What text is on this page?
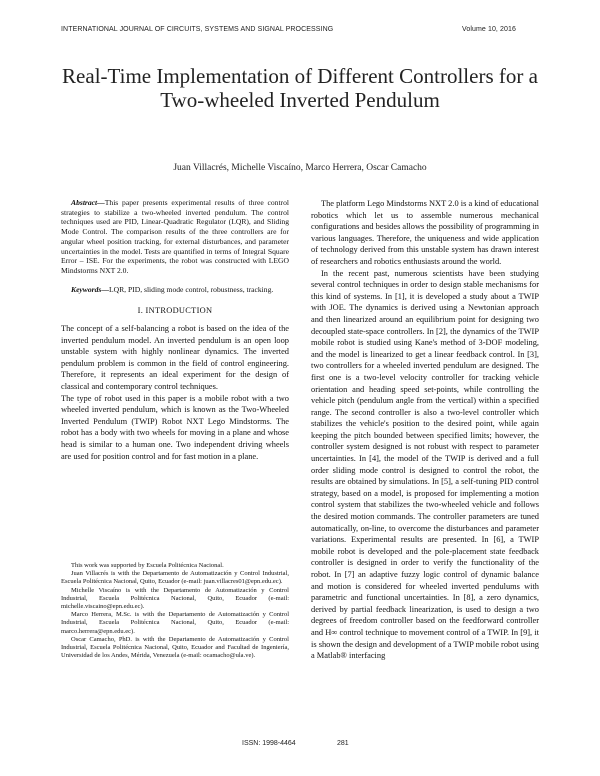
INTERNATIONAL JOURNAL OF CIRCUITS, SYSTEMS AND SIGNAL PROCESSING	Volume 10, 2016
Real-Time Implementation of Different Controllers for a Two-wheeled Inverted Pendulum
Juan Villacrés, Michelle Viscaíno, Marco Herrera, Oscar Camacho

Abstract—This paper presents experimental results of three control strategies to stabilize a two-wheeled inverted pendulum. The control techniques used are PID, Linear-Quadratic Regulator (LQR), and Sliding Mode Control. The comparison results of the three controllers are for angular wheel position tracking, for external disturbances, and parameter uncertainties in the model. Tests are quantified in terms of Integral Square Error – ISE. For the experiments, the robot was constructed with LEGO Mindstorms NXT 2.0.

Keywords—LQR, PID, sliding mode control, robustness, tracking.

I. INTRODUCTION

The concept of a self-balancing a robot is based on the idea of the inverted pendulum model. An inverted pendulum is an open loop unstable system with highly nonlinear dynamics. The inverted pendulum problem is common in the field of control engineering. Therefore, it represents an ideal experiment for the design of classical and contemporary control techniques.

The type of robot used in this paper is a mobile robot with a two wheeled inverted pendulum, which is known as the Two-Wheeled Inverted Pendulum (TWIP) Robot NXT Lego Mindstorms. The robot has a body with two wheels for moving in a plane and whose head is similar to a human one. Two independent driving wheels are used for position control and for fast motion in a plane.

This work was supported by Escuela Politécnica Nacional.

Juan Villacrés is with the Departamento de Automatización y Control Industrial, Escuela Politécnica Nacional, Quito, Ecuador (e-mail: juan.villacres01@epn.edu.ec).

Michelle Viscaíno is with the Departamento de Automatización y Control Industrial, Escuela Politécnica Nacional, Quito, Ecuador (e-mail: michelle.viscaino@epn.edu.ec).

Marco Herrera, M.Sc. is with the Departamento de Automatización y Control Industrial, Escuela Politécnica Nacional, Quito, Ecuador (e-mail: marco.herrera@epn.edu.ec).

Oscar Camacho, PhD. is with the Departamento de Automatización y Control Industrial, Escuela Politécnica Nacional, Quito, Ecuador and Facultad de Ingeniería, Universidad de los Andes, Mérida, Venezuela (e-mail: ocamacho@ula.ve).

The platform Lego Mindstorms NXT 2.0 is a kind of educational robotics which let us to assemble numerous mechanical configurations and besides allows the possibility of programming in various languages. Therefore, the uniqueness and wide application of technology derived from this unstable system has drawn interest of researchers and robotics enthusiasts around the world.

In the recent past, numerous scientists have been studying several control techniques in order to design stable mechanisms for this kind of systems. In [1], it is developed a study about a TWIP with JOE. The dynamics is derived using a Newtonian approach and then linearized around an equilibrium point for designing two decoupled state-space controllers. In [2], the dynamics of the TWIP mobile robot is studied using Kane's method of 3-DOF modeling, and the model is linearized to get a linear feedback control. In [3], two controllers for a wheeled inverted pendulum are designed. The first one is a two-level velocity controller for tracking vehicle orientation and heading speed set-points, while controlling the vehicle pitch (pendulum angle from the vertical) within a specified range. The second controller is also a two-level controller which stabilizes the vehicle's position to the desired point, while again keeping the pitch bounded between specified limits; however, the controller system designed is not robust with respect to parameter uncertainties. In [4], the model of the TWIP is derived and a full order sliding mode control is designed to control the robot, the results are obtained by simulations. In [5], a self-tuning PID control strategy, based on a model, is proposed for implementing a motion control system that stabilizes the two-wheeled vehicle and follows the desired motion commands. The controller parameters are tuned automatically, on-line, to overcome the disturbances and parameter variations. Experimental results are presented. In [6], a TWIP mobile robot is developed and the pole-placement state feedback controller is designed in order to verify the functionality of the robot. In [7] an adaptive fuzzy logic control of dynamic balance and motion is considered for wheeled inverted pendulums with parametric and functional uncertainties. In [8], a zero dynamics, derived by partial feedback linearization, is used to design a two degrees of freedom controller based on the feedforward controller and H∞ control technique to movement control of a TWIP. In [9], it is shown the design and development of a TWIP mobile robot using a Matlab® interfacing

ISSN: 1998-4464	281
